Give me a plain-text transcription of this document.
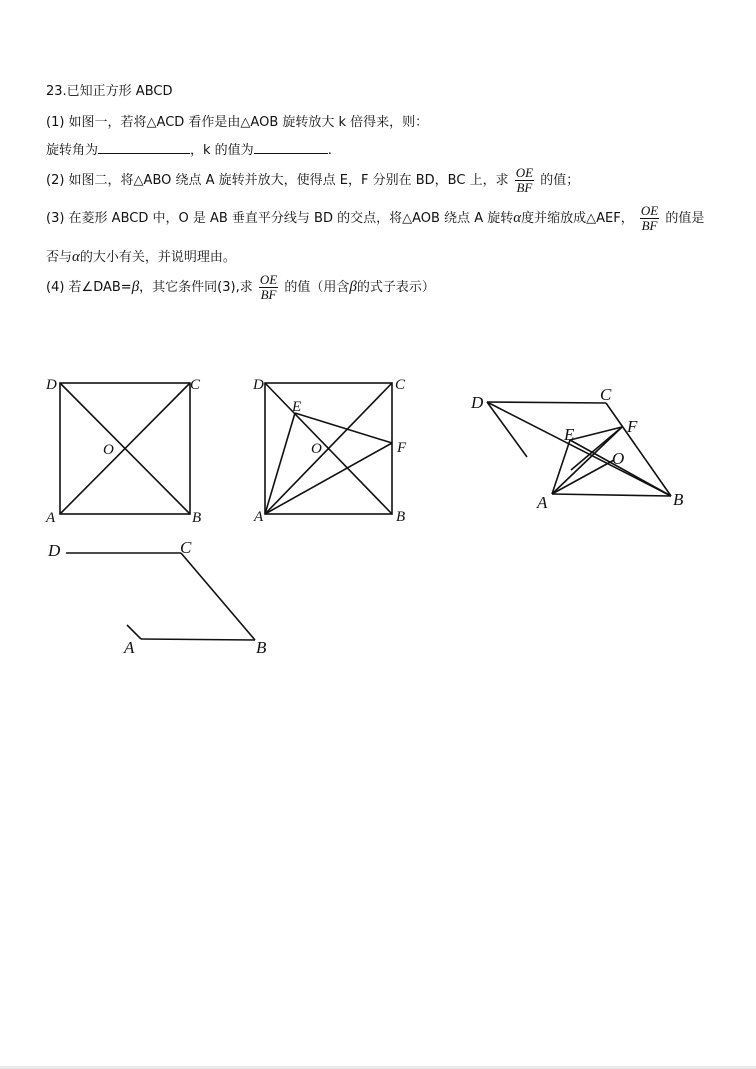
23.已知正方形 ABCD
(1) 如图一，若将△ACD 看作是由△AOB 旋转放大 k 倍得来，则：
旋转角为	，k 的值为	.
(2) 如图二，将△ABO 绕点 A 旋转并放大，使得点 E，F 分别在 BD，BC 上，求 $\frac{OE}{BF}$ 的值；
(3) 在菱形 ABCD 中，O 是 AB 垂直平分线与 BD 的交点，将△AOB 绕点 A 旋转α度并缩放成△AEF， $\frac{OE}{BF}$ 的值是
否与α的大小有关，并说明理由。
(4) 若∠DAB=β，其它条件同(3),求 $\frac{OE}{BF}$ 的值（用含β的式子表示）
D	C
O
A	B
D	C
E
O	F
A	B
D	C
E	F
O
A	B
D	C
A	B
